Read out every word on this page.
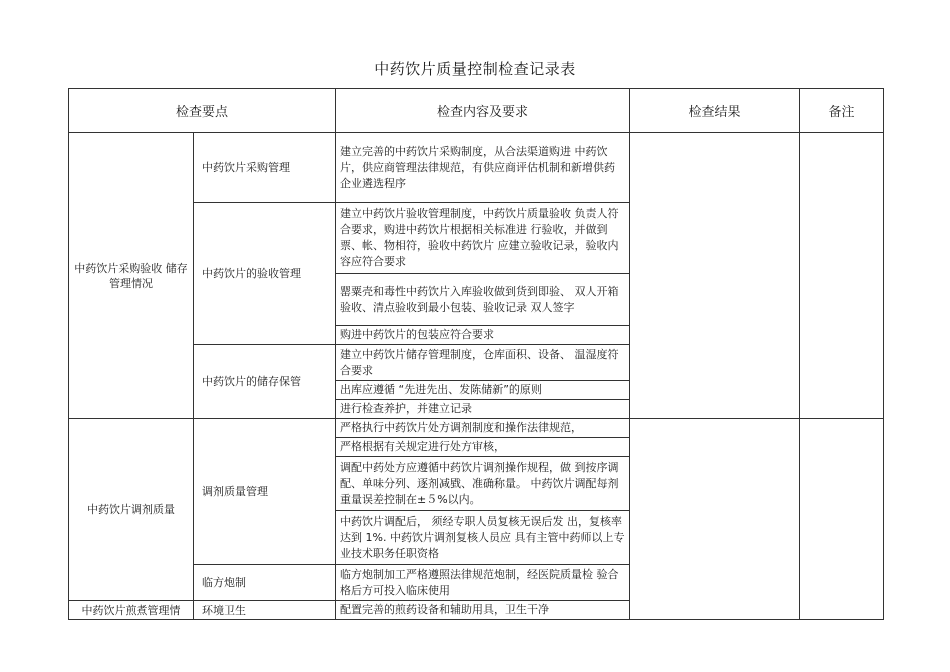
中药饮片质量控制检查记录表
检查要点		检查内容及要求	检查结果	备注
中药饮片采购验收 储存管理情况	中药饮片采购管理	建立完善的中药饮片采购制度，从合法渠道购进 中药饮片，供应商管理法律规范，有供应商评估机制和新增供药企业遴选程序		
	中药饮片的验收管理	建立中药饮片验收管理制度，中药饮片质量验收 负责人符合要求，购进中药饮片根据相关标准进 行验收，并做到票、帐、物相符，验收中药饮片 应建立验收记录，验收内容应符合要求		
		罂粟壳和毒性中药饮片入库验收做到货到即验、 双人开箱验收、清点验收到最小包装、验收记录 双人签字		
		购进中药饮片的包装应符合要求		
	中药饮片的储存保管	建立中药饮片储存管理制度，仓库面积、设备、 温湿度符合要求		
		出库应遵循 “先进先出、发陈储新”的原则		
		进行检查养护，并建立记录		
中药饮片调剂质量	调剂质量管理	严格执行中药饮片处方调剂制度和操作法律规范，		
		严格根据有关规定进行处方审核，		
		调配中药处方应遵循中药饮片调剂操作规程，做 到按序调配、单味分列、逐剂减戥、准确称量。 中药饮片调配每剂重量误差控制在±５%以内。		
		中药饮片调配后， 须经专职人员复核无误后发 出，复核率达到 1%. 中药饮片调剂复核人员应 具有主管中药师以上专业技术职务任职资格		
	临方炮制	临方炮制加工严格遵照法律规范炮制，经医院质量检 验合格后方可投入临床使用		
中药饮片煎煮管理情	环境卫生	配置完善的煎药设备和辅助用具，卫生干净		
